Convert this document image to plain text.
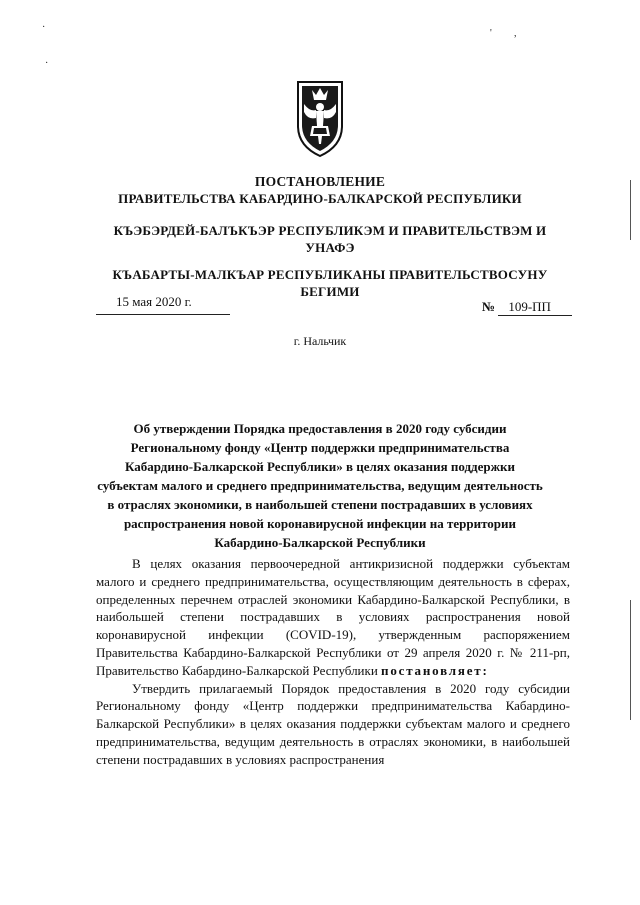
ПОСТАНОВЛЕНИЕ
ПРАВИТЕЛЬСТВА КАБАРДИНО-БАЛКАРСКОЙ РЕСПУБЛИКИ
КЪЭБЭРДЕЙ-БАЛЪКЪЭР РЕСПУБЛИКЭМ И ПРАВИТЕЛЬСТВЭМ И УНАФЭ
КЪАБАРТЫ-МАЛКЪАР РЕСПУБЛИКАНЫ ПРАВИТЕЛЬСТВОСУНУ БЕГИМИ
15 мая 2020 г.	№ 109-ПП
г. Нальчик
Об утверждении Порядка предоставления в 2020 году субсидии Региональному фонду «Центр поддержки предпринимательства Кабардино-Балкарской Республики» в целях оказания поддержки субъектам малого и среднего предпринимательства, ведущим деятельность в отраслях экономики, в наибольшей степени пострадавших в условиях распространения новой коронавирусной инфекции на территории Кабардино-Балкарской Республики

В целях оказания первоочередной антикризисной поддержки субъектам малого и среднего предпринимательства, осуществляющим деятельность в сферах, определенных перечнем отраслей экономики Кабардино-Балкарской Республики, в наибольшей степени пострадавших в условиях распространения новой коронавирусной инфекции (COVID-19), утвержденным распоряжением Правительства Кабардино-Балкарской Республики от 29 апреля 2020 г. № 211-рп, Правительство Кабардино-Балкарской Республики постановляет:

Утвердить прилагаемый Порядок предоставления в 2020 году субсидии Региональному фонду «Центр поддержки предпринимательства Кабардино-Балкарской Республики» в целях оказания поддержки субъектам малого и среднего предпринимательства, ведущим деятельность в отраслях экономики, в наибольшей степени пострадавших в условиях распространения

·
·
' ,
